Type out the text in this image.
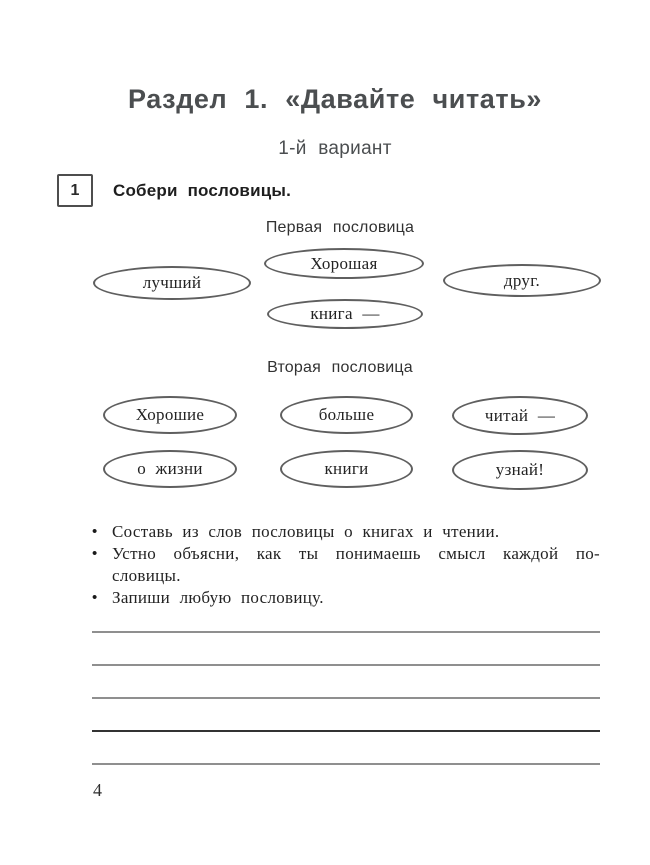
Раздел 1. «Давайте читать»
1-й вариант
1 Собери пословицы.
Первая пословица
лучший
Хорошая
друг.
книга —
Вторая пословица
Хорошие	больше	читай —
о жизни	книги	узнай!
• Составь из слов пословицы о книгах и чтении.
• Устно объясни, как ты понимаешь смысл каждой по-
словицы.
• Запиши любую пословицу.
4
